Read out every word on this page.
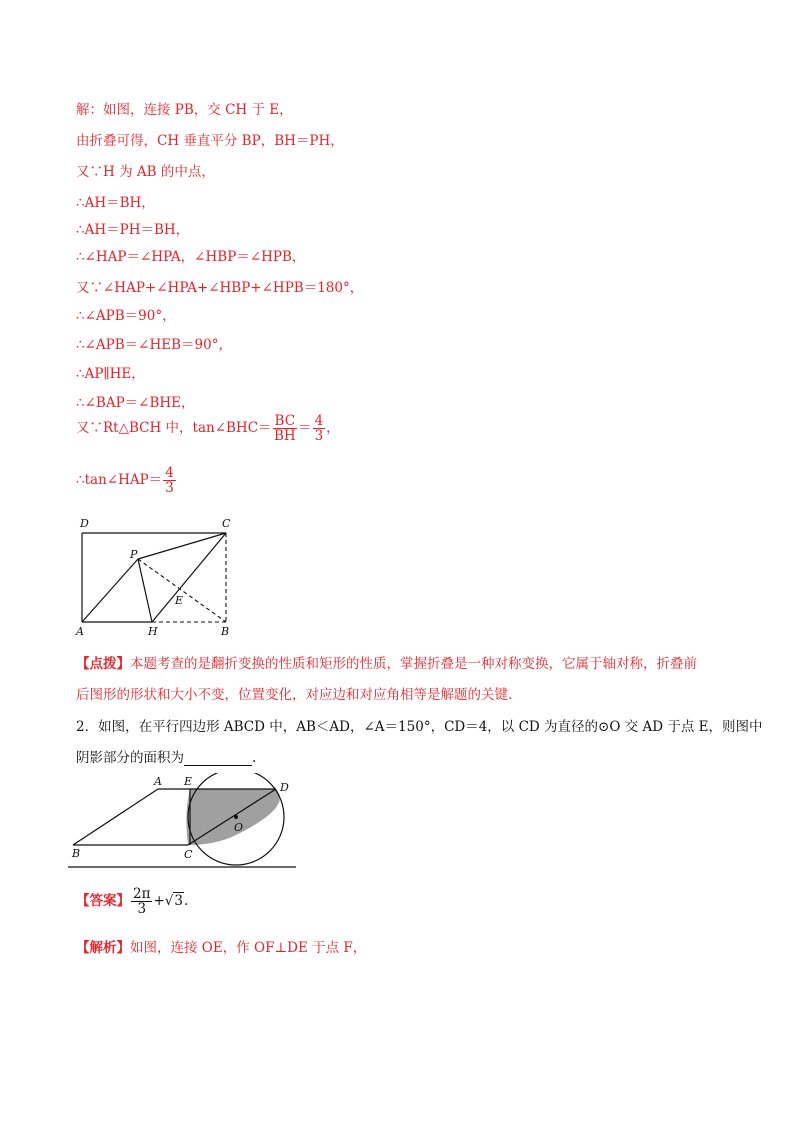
解：如图，连接 PB，交 CH 于 E，
由折叠可得，CH 垂直平分 BP，BH＝PH，
又∵H 为 AB 的中点，
∴AH＝BH，
∴AH＝PH＝BH，
∴∠HAP＝∠HPA，∠HBP＝∠HPB，
又∵∠HAP+∠HPA+∠HBP+∠HPB＝180°，
∴∠APB＝90°，
∴∠APB＝∠HEB＝90°，
∴AP∥HE，
∴∠BAP＝∠BHE，
又∵Rt△BCH 中，tan∠BHC＝ $\frac{BC}{BH} = \frac{4}{3}$ ，
∴tan∠HAP＝ $\frac{4}{3}$
D	C
P
E
A	H	B
【点拨】本题考查的是翻折变换的性质和矩形的性质，掌握折叠是一种对称变换，它属于轴对称，折叠前
后图形的形状和大小不变，位置变化，对应边和对应角相等是解题的关键.
2．如图，在平行四边形 ABCD 中，AB＜AD，∠A＝150°，CD＝4，以 CD 为直径的⊙O 交 AD 于点 E，则图中
阴影部分的面积为	.
A E	D
O
B	C
【答案】 $\frac{2\pi}{3} +√3$.
【解析】如图，连接 OE，作 OF⊥DE 于点 F，
